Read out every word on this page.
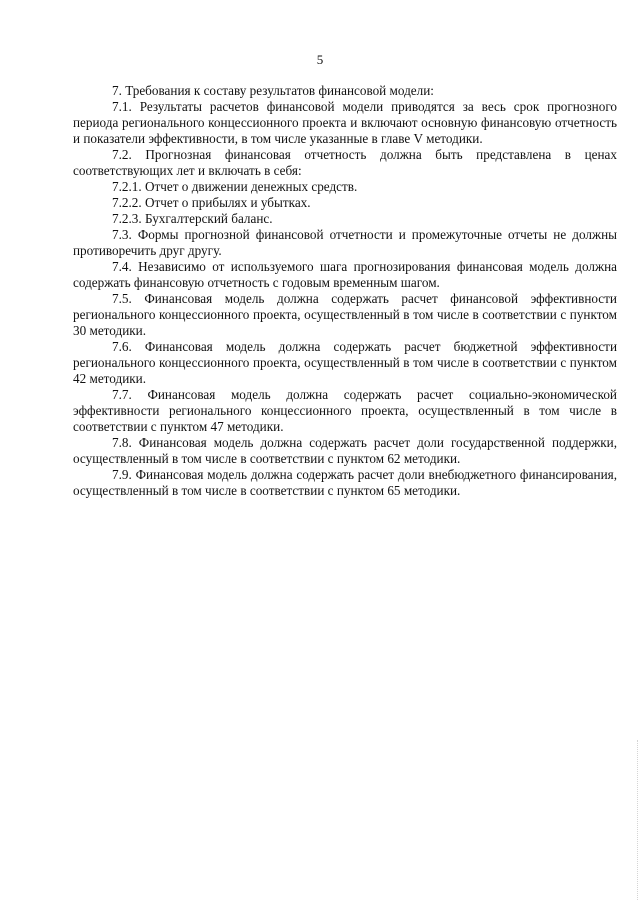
5

7. Требования к составу результатов финансовой модели:

7.1. Результаты расчетов финансовой модели приводятся за весь срок прогнозного периода регионального концессионного проекта и включают основную финансовую отчетность и показатели эффективности, в том числе указанные в главе V методики.

7.2. Прогнозная финансовая отчетность должна быть представлена в ценах соответствующих лет и включать в себя:

7.2.1. Отчет о движении денежных средств.

7.2.2. Отчет о прибылях и убытках.

7.2.3. Бухгалтерский баланс.

7.3. Формы прогнозной финансовой отчетности и промежуточные отчеты не должны противоречить друг другу.

7.4. Независимо от используемого шага прогнозирования финансовая модель должна содержать финансовую отчетность с годовым временным шагом.

7.5. Финансовая модель должна содержать расчет финансовой эффективности регионального концессионного проекта, осуществленный в том числе в соответствии с пунктом 30 методики.

7.6. Финансовая модель должна содержать расчет бюджетной эффективности регионального концессионного проекта, осуществленный в том числе в соответствии с пунктом 42 методики.

7.7. Финансовая модель должна содержать расчет социально-экономической эффективности регионального концессионного проекта, осуществленный в том числе в соответствии с пунктом 47 методики.

7.8. Финансовая модель должна содержать расчет доли государственной поддержки, осуществленный в том числе в соответствии с пунктом 62 методики.

7.9. Финансовая модель должна содержать расчет доли внебюджетного финансирования, осуществленный в том числе в соответствии с пунктом 65 методики.
